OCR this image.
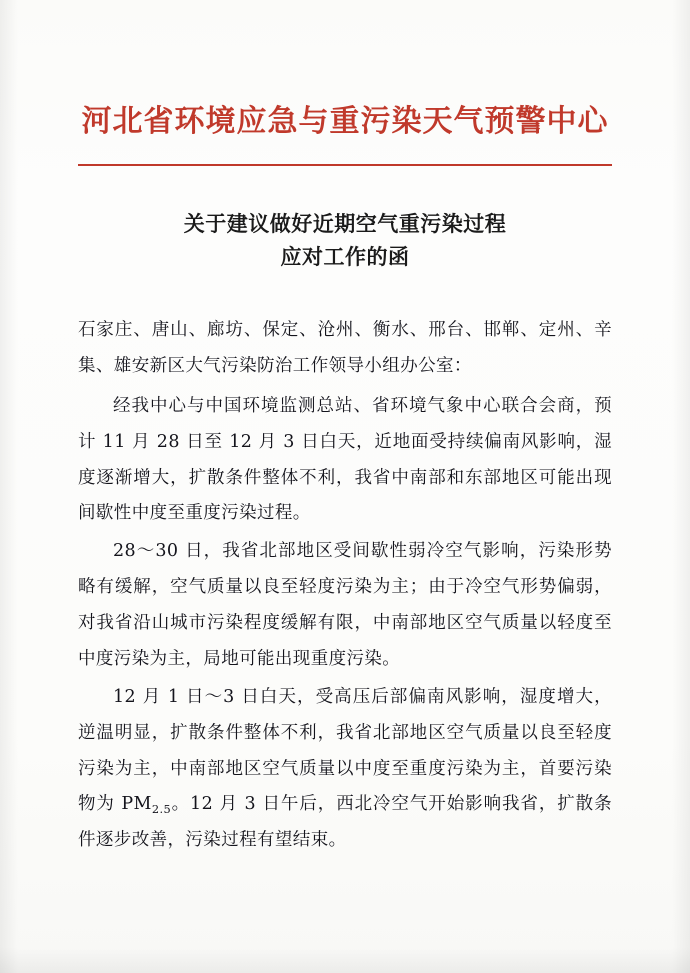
河北省环境应急与重污染天气预警中心
关于建议做好近期空气重污染过程
应对工作的函

石家庄、唐山、廊坊、保定、沧州、衡水、邢台、邯郸、定州、辛集、雄安新区大气污染防治工作领导小组办公室：

经我中心与中国环境监测总站、省环境气象中心联合会商，预计 11 月 28 日至 12 月 3 日白天，近地面受持续偏南风影响，湿度逐渐增大，扩散条件整体不利，我省中南部和东部地区可能出现间歇性中度至重度污染过程。

28～30 日，我省北部地区受间歇性弱冷空气影响，污染形势略有缓解，空气质量以良至轻度污染为主；由于冷空气形势偏弱，对我省沿山城市污染程度缓解有限，中南部地区空气质量以轻度至中度污染为主，局地可能出现重度污染。

12 月 1 日～3 日白天，受高压后部偏南风影响，湿度增大，逆温明显，扩散条件整体不利，我省北部地区空气质量以良至轻度污染为主，中南部地区空气质量以中度至重度污染为主，首要污染物为 $PM_{2.5}$。12 月 3 日午后，西北冷空气开始影响我省，扩散条件逐步改善，污染过程有望结束。
